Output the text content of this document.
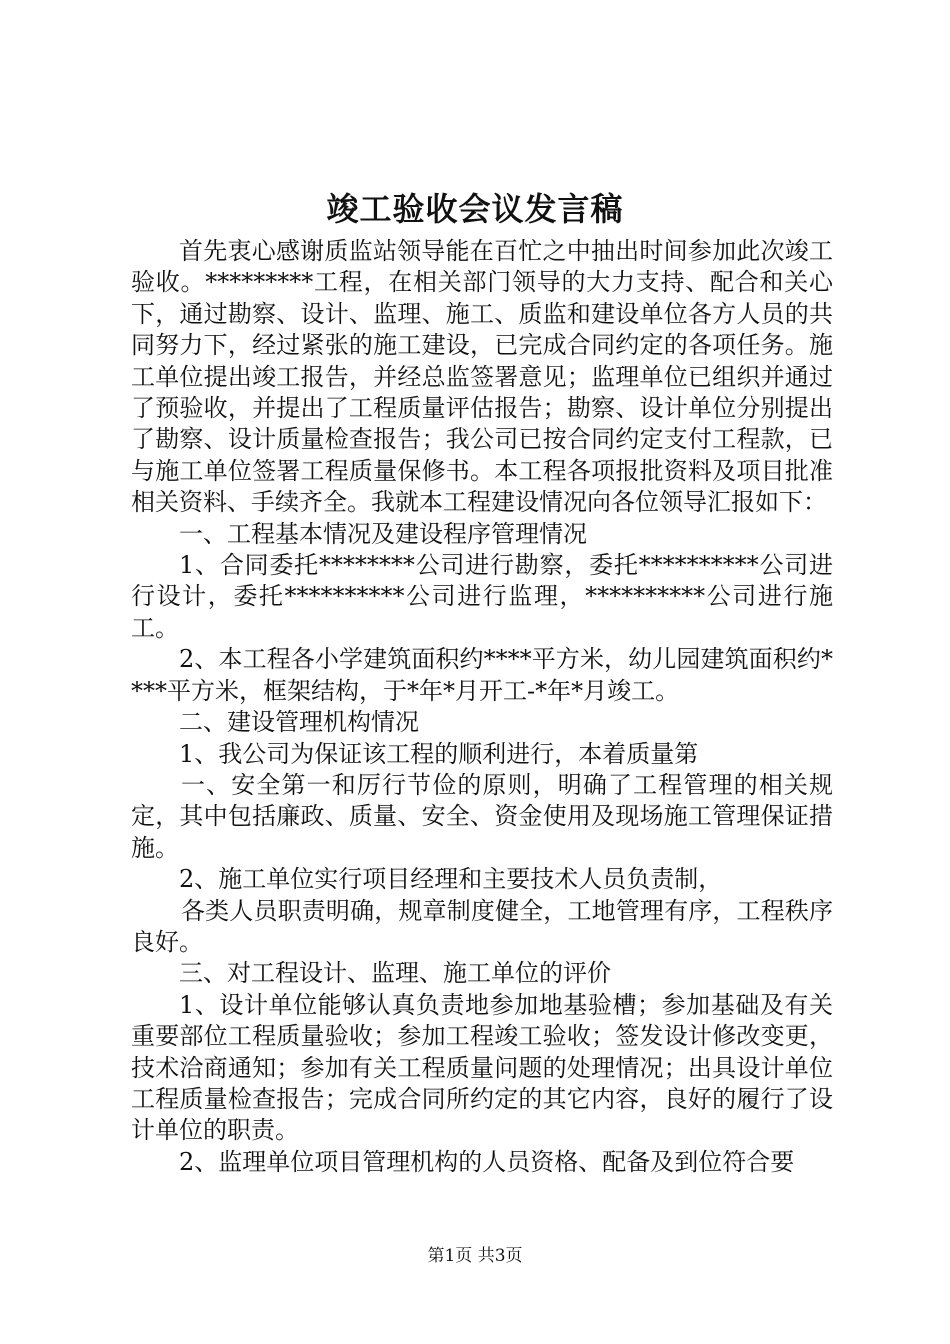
竣工验收会议发言稿

首先衷心感谢质监站领导能在百忙之中抽出时间参加此次竣工验收。*********工程，在相关部门领导的大力支持、配合和关心下，通过勘察、设计、监理、施工、质监和建设单位各方人员的共同努力下，经过紧张的施工建设，已完成合同约定的各项任务。施工单位提出竣工报告，并经总监签署意见；监理单位已组织并通过了预验收，并提出了工程质量评估报告；勘察、设计单位分别提出了勘察、设计质量检查报告；我公司已按合同约定支付工程款，已与施工单位签署工程质量保修书。本工程各项报批资料及项目批准相关资料、手续齐全。我就本工程建设情况向各位领导汇报如下：

一、工程基本情况及建设程序管理情况

1、合同委托********公司进行勘察，委托**********公司进行设计，委托**********公司进行监理，**********公司进行施工。

2、本工程各小学建筑面积约****平方米，幼儿园建筑面积约****平方米，框架结构，于*年*月开工-*年*月竣工。

二、建设管理机构情况

1、我公司为保证该工程的顺利进行，本着质量第

一、安全第一和厉行节俭的原则，明确了工程管理的相关规定，其中包括廉政、质量、安全、资金使用及现场施工管理保证措施。

2、施工单位实行项目经理和主要技术人员负责制，

各类人员职责明确，规章制度健全，工地管理有序，工程秩序良好。

三、对工程设计、监理、施工单位的评价

1、设计单位能够认真负责地参加地基验槽；参加基础及有关重要部位工程质量验收；参加工程竣工验收；签发设计修改变更，技术洽商通知；参加有关工程质量问题的处理情况；出具设计单位工程质量检查报告；完成合同所约定的其它内容，良好的履行了设计单位的职责。

2、监理单位项目管理机构的人员资格、配备及到位符合要

第1页 共3页
